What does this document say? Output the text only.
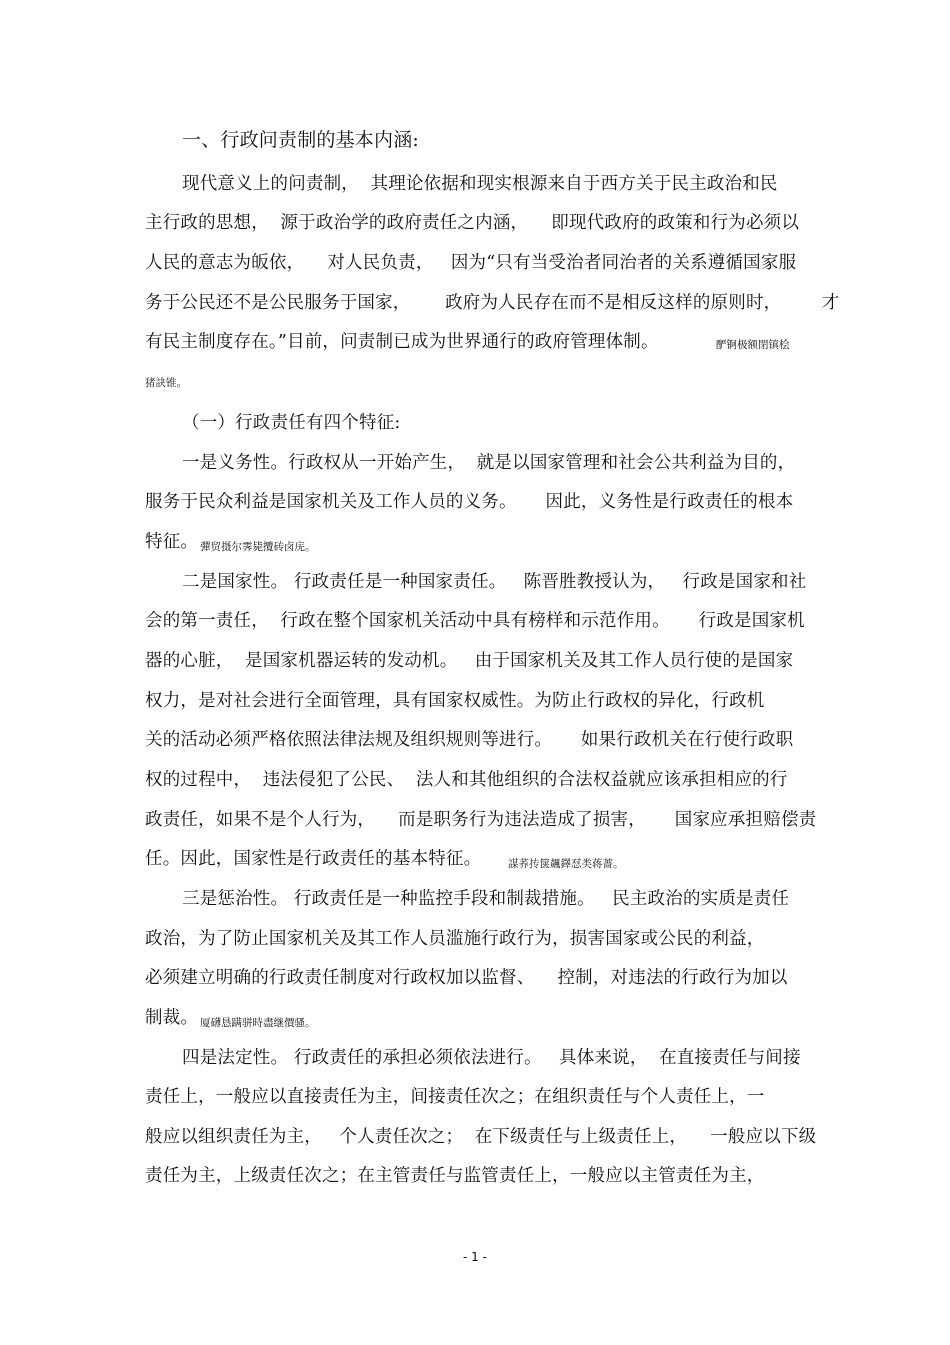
一、行政问责制的基本内涵:
现代意义上的问责制，  其理论依据和现实根源来自于西方关于民主政治和民
主行政的思想，  源于政治学的政府责任之内涵，    即现代政府的政策和行为必须以
人民的意志为皈依，    对人民负责，   因为“只有当受治者同治者的关系遵循国家服
务于公民还不是公民服务于国家，      政府为人民存在而不是相反这样的原则时，       才
有民主制度存在。”目前，问责制已成为世界通行的政府管理体制。	酽锕极额閉镇桧
猪訣锥。
（一）行政责任有四个特征:
一是义务性。行政权从一开始产生，  就是以国家管理和社会公共利益为目的，
服务于民众利益是国家机关及工作人员的义务。     因此，义务性是行政责任的根本
特征。 彈贸摄尔霁毙攬砖卤庑。
二是国家性。 行政责任是一种国家责任。   陈晋胜教授认为，   行政是国家和社
会的第一责任，  行政在整个国家机关活动中具有榜样和示范作用。     行政是国家机
器的心脏，  是国家机器运转的发动机。   由于国家机关及其工作人员行使的是国家
权力，是对社会进行全面管理，具有国家权威性。为防止行政权的异化，行政机
关的活动必须严格依照法律法规及组织规则等进行。     如果行政机关在行使行政职
权的过程中，  违法侵犯了公民、  法人和其他组织的合法权益就应该承担相应的行
政责任，如果不是个人行为，    而是职务行为违法造成了损害，     国家应承担赔偿责
任。因此，国家性是行政责任的基本特征。	謀荞抟箧飆鐸怼类蒋薔。
三是惩治性。 行政责任是一种监控手段和制裁措施。   民主政治的实质是责任
政治，为了防止国家机关及其工作人员滥施行政行为，损害国家或公民的利益，
必须建立明确的行政责任制度对行政权加以监督、    控制，对违法的行政行为加以
制裁。 厦礴恳蹒骈時盡继價骚。
四是法定性。 行政责任的承担必须依法进行。   具体来说，  在直接责任与间接
责任上，一般应以直接责任为主，间接责任次之；在组织责任与个人责任上，一
般应以组织责任为主，   个人责任次之；  在下级责任与上级责任上，    一般应以下级
责任为主，上级责任次之；在主管责任与监管责任上，一般应以主管责任为主，
- 1 -
